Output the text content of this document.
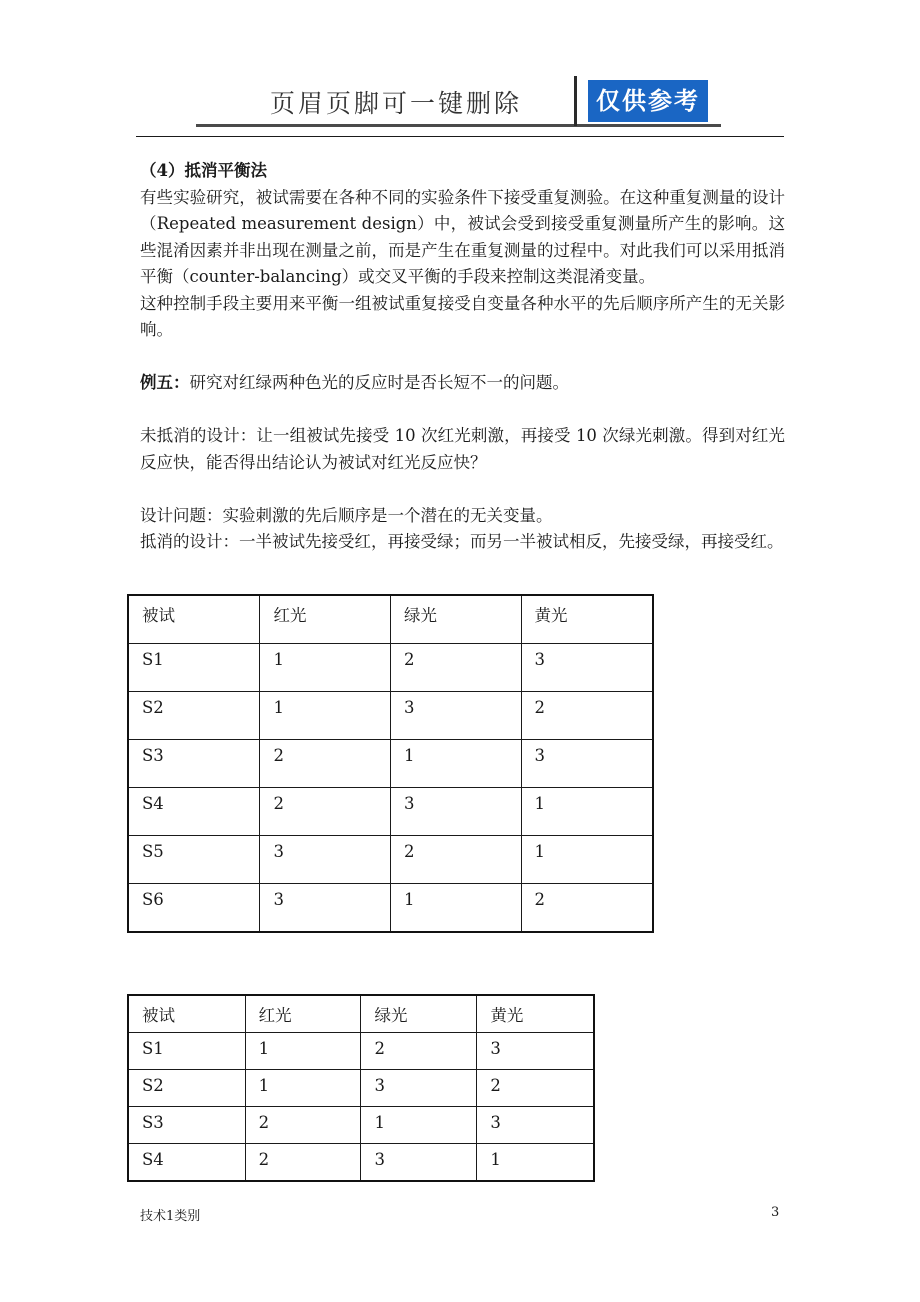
页眉页脚可一键删除	仅供参考

（4）抵消平衡法

有些实验研究，被试需要在各种不同的实验条件下接受重复测验。在这种重复测量的设计（Repeated measurement design）中，被试会受到接受重复测量所产生的影响。这些混淆因素并非出现在测量之前，而是产生在重复测量的过程中。对此我们可以采用抵消平衡（counter-balancing）或交叉平衡的手段来控制这类混淆变量。

这种控制手段主要用来平衡一组被试重复接受自变量各种水平的先后顺序所产生的无关影响。

例五：研究对红绿两种色光的反应时是否长短不一的问题。

未抵消的设计：让一组被试先接受 10 次红光刺激，再接受 10 次绿光刺激。得到对红光反应快，能否得出结论认为被试对红光反应快？

设计问题：实验刺激的先后顺序是一个潜在的无关变量。

抵消的设计：一半被试先接受红，再接受绿；而另一半被试相反，先接受绿，再接受红。

被试	红光	绿光	黄光
S1	1	2	3
S2	1	3	2
S3	2	1	3
S4	2	3	1
S5	3	2	1
S6	3	1	2
被试	红光	绿光	黄光
S1	1	2	3
S2	1	3	2
S3	2	1	3
S4	2	3	1
技术1类别	3
